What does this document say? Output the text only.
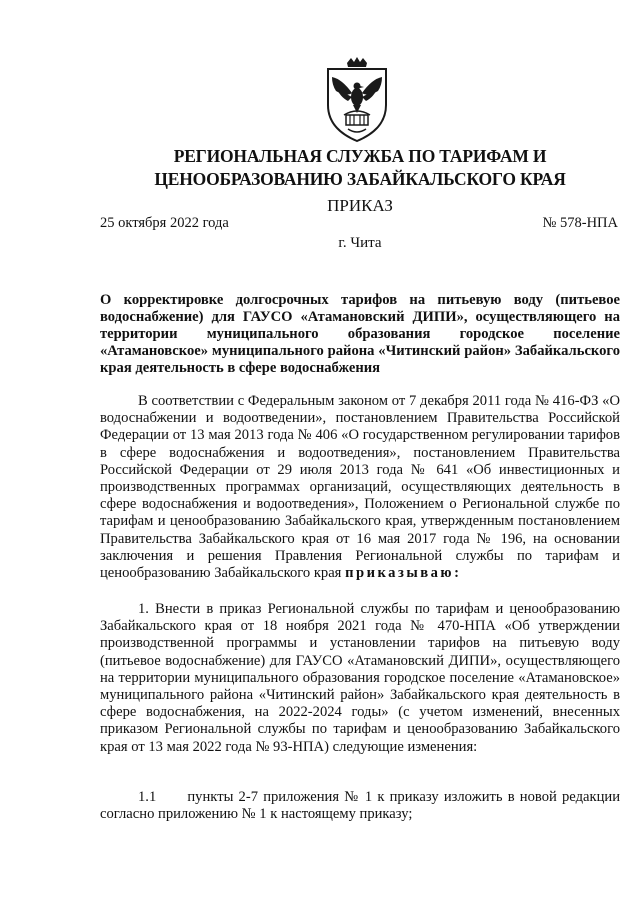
РЕГИОНАЛЬНАЯ СЛУЖБА ПО ТАРИФАМ И
ЦЕНООБРАЗОВАНИЮ ЗАБАЙКАЛЬСКОГО КРАЯ
ПРИКАЗ
25 октября 2022 года	№ 578-НПА
г. Чита
О корректировке долгосрочных тарифов на питьевую воду (питьевое водоснабжение) для ГАУСО «Атамановский ДИПИ», осуществляющего на территории муниципального образования городское поселение «Атамановское» муниципального района «Читинский район» Забайкальского края деятельность в сфере водоснабжения
В соответствии с Федеральным законом от 7 декабря 2011 года № 416-ФЗ «О водоснабжении и водоотведении», постановлением Правительства Российской Федерации от 13 мая 2013 года № 406 «О государственном регулировании тарифов в сфере водоснабжения и водоотведения», постановлением Правительства Российской Федерации от 29 июля 2013 года № 641 «Об инвестиционных и производственных программах организаций, осуществляющих деятельность в сфере водоснабжения и водоотведения», Положением о Региональной службе по тарифам и ценообразованию Забайкальского края, утвержденным постановлением Правительства Забайкальского края от 16 мая 2017 года № 196, на основании заключения и решения Правления Региональной службы по тарифам и ценообразованию Забайкальского края приказываю:
1. Внести в приказ Региональной службы по тарифам и ценообразованию Забайкальского края от 18 ноября 2021 года № 470-НПА «Об утверждении производственной программы и установлении тарифов на питьевую воду (питьевое водоснабжение) для ГАУСО «Атамановский ДИПИ», осуществляющего на территории муниципального образования городское поселение «Атамановское» муниципального района «Читинский район» Забайкальского края деятельность в сфере водоснабжения, на 2022-2024 годы» (с учетом изменений, внесенных приказом Региональной службы по тарифам и ценообразованию Забайкальского края от 13 мая 2022 года № 93-НПА) следующие изменения:
1.1 пункты 2-7 приложения № 1 к приказу изложить в новой редакции согласно приложению № 1 к настоящему приказу;
